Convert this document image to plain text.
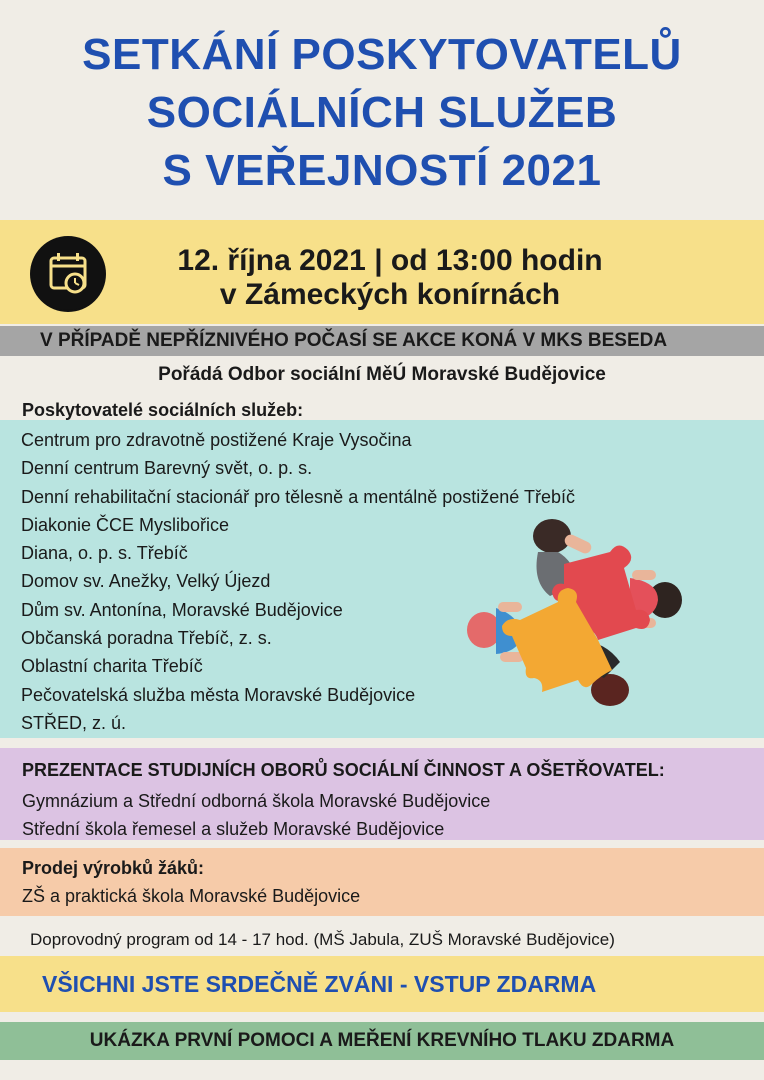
SETKÁNÍ POSKYTOVATELŮ
SOCIÁLNÍCH SLUŽEB
S VEŘEJNOSTÍ 2021
12. října 2021 | od 13:00 hodin
v Zámeckých konírnách
V PŘÍPADĚ NEPŘÍZNIVÉHO POČASÍ SE AKCE KONÁ V MKS BESEDA
Pořádá Odbor sociální MěÚ Moravské Budějovice
Poskytovatelé sociálních služeb:
Centrum pro zdravotně postižené Kraje Vysočina
Denní centrum Barevný svět, o. p. s.
Denní rehabilitační stacionář pro tělesně a mentálně postižené Třebíč
Diakonie ČCE Myslibořice
Diana, o. p. s. Třebíč
Domov sv. Anežky, Velký Újezd
Dům sv. Antonína, Moravské Budějovice
Občanská poradna Třebíč, z. s.
Oblastní charita Třebíč
Pečovatelská služba města Moravské Budějovice
STŘED, z. ú.
PREZENTACE STUDIJNÍCH OBORŮ SOCIÁLNÍ ČINNOST A OŠETŘOVATEL:
Gymnázium a Střední odborná škola Moravské Budějovice
Střední škola řemesel a služeb Moravské Budějovice
Prodej výrobků žáků:
ZŠ a praktická škola Moravské Budějovice
Doprovodný program od 14 - 17 hod. (MŠ Jabula, ZUŠ Moravské Budějovice)
VŠICHNI JSTE SRDEČNĚ ZVÁNI - VSTUP ZDARMA
UKÁZKA PRVNÍ POMOCI A MEŘENÍ KREVNÍHO TLAKU ZDARMA
